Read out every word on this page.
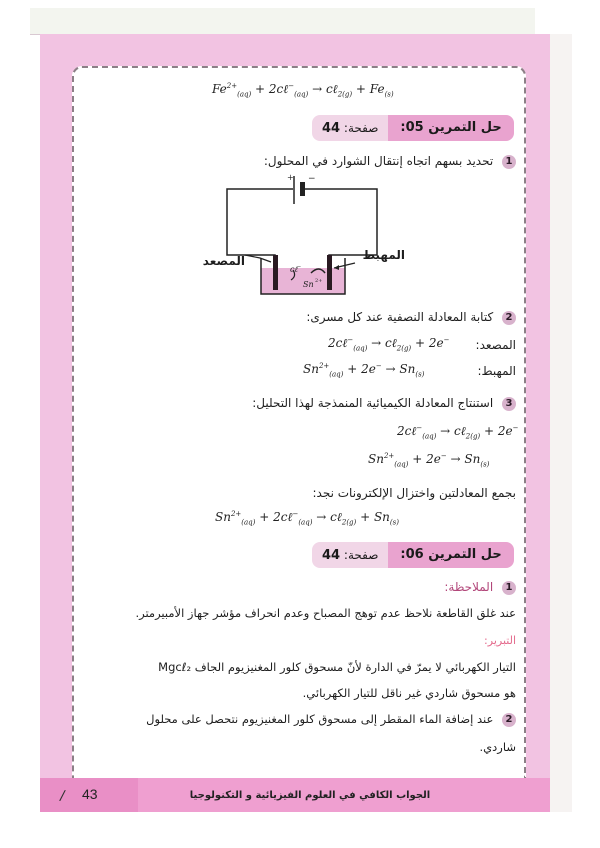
$Fe^{2+}_{(aq)}$ + 2cℓ−$_{(aq)}$ → cℓ$_{2(g)}$ + $Fe_{(s)}$
حل التمرين 05:
صفحة: 44
1 تحديد بسهم اتجاه إنتقال الشوارد في المحلول:
+ −
cℓ −
Sn 2+
المصعد	المهبط
2 كتابة المعادلة النصفية عند كل مسرى:
المصعد:
2cℓ−$_{(aq)}$ → cℓ$_{2(g)}$ + 2e−
المهبط:
$Sn^{2+}_{(aq)} + 2e^- \to Sn_{(s)}$
3 استنتاج المعادلة الكيميائية المنمذجة لهذا التحليل:
2cℓ−$_{(aq)}$ → cℓ$_{2(g)}$ + 2e−
$Sn^{2+}_{(aq)} + 2e^- \to Sn_{(s)}$
بجمع المعادلتين واختزال الإلكترونات نجد:
$Sn^{2+}_{(aq)}$ + 2cℓ−$_{(aq)}$ → cℓ$_{2(g)}$ + $Sn_{(s)}$
حل التمرين 06:
صفحة: 44
1 الملاحظة:
عند غلق القاطعة نلاحظ عدم توهج المصباح وعدم انحراف مؤشر جهاز الأمبيرمتر.
التبرير:
التيار الكهربائي لا يمرّ في الدارة لأنّ مسحوق كلور المغنيزيوم الجاف Mgcℓ₂
هو مسحوق شاردي غير ناقل للتيار الكهربائي.
2 عند إضافة الماء المقطر إلى مسحوق كلور المغنيزيوم نتحصل على محلول
شاردي.
/ 43	الجواب الكافي في العلوم الفيزيائية و التكنولوجيا
